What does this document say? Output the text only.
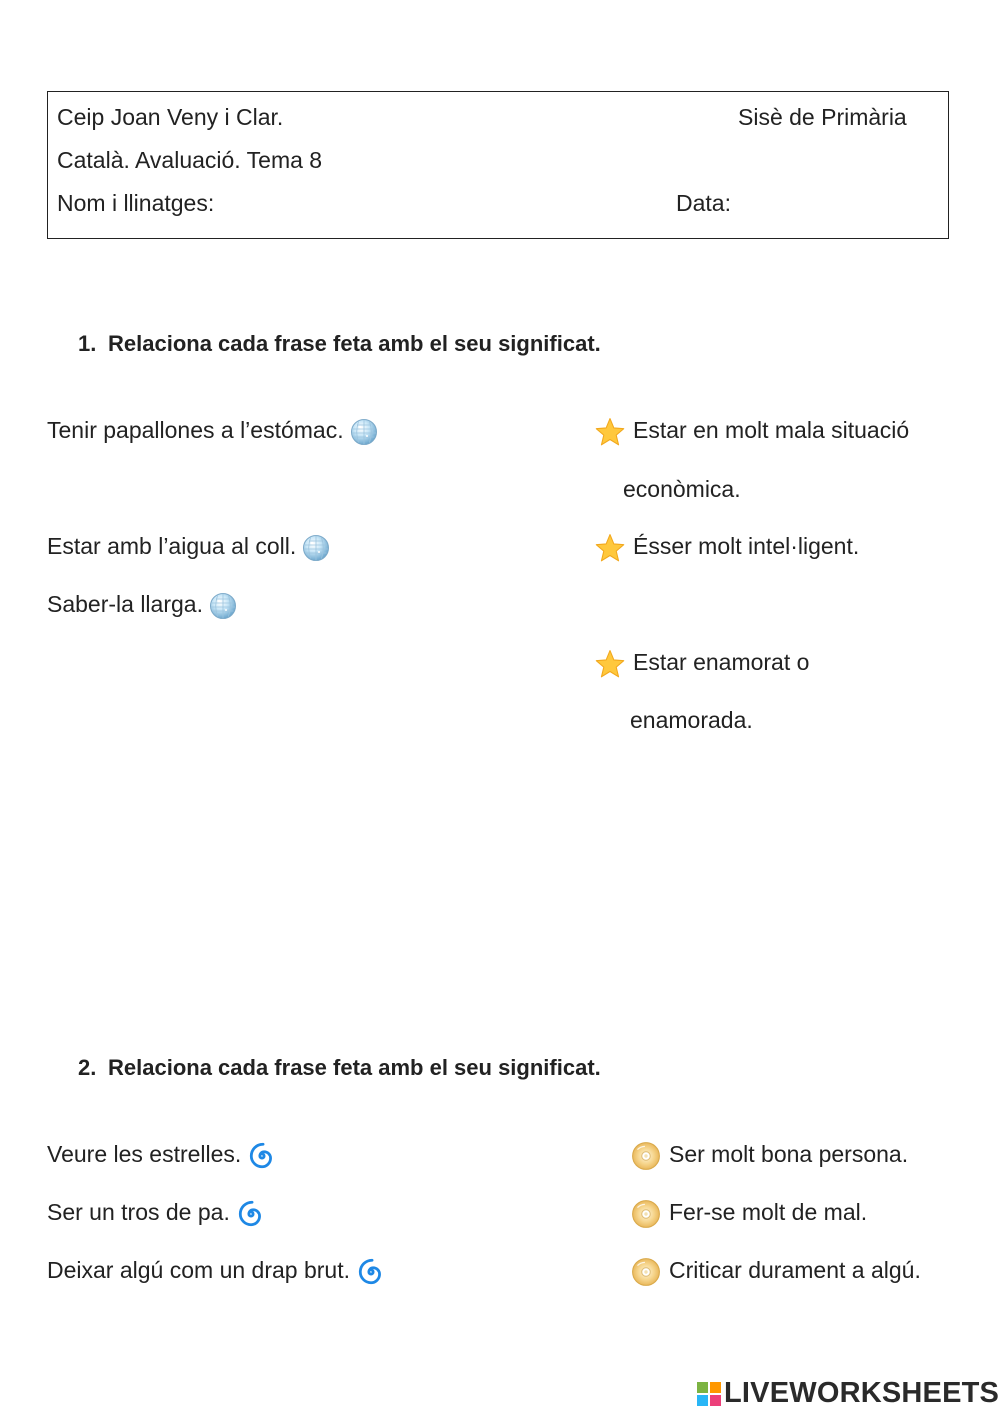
Ceip Joan Veny i Clar.	Sisè de Primària
Català. Avaluació. Tema 8
Nom i llinatges:	Data:
1. Relaciona cada frase feta amb el seu significat.
Tenir papallones a l’estómac.
Estar amb l’aigua al coll.
Saber-la llarga.
Estar en molt mala situació
econòmica.
Ésser molt intel·ligent.
Estar enamorat o
enamorada.
2. Relaciona cada frase feta amb el seu significat.
Veure les estrelles.
Ser un tros de pa.
Deixar algú com un drap brut.
Ser molt bona persona.
Fer-se molt de mal.
Criticar durament a algú.
LIVEWORKSHEETS
